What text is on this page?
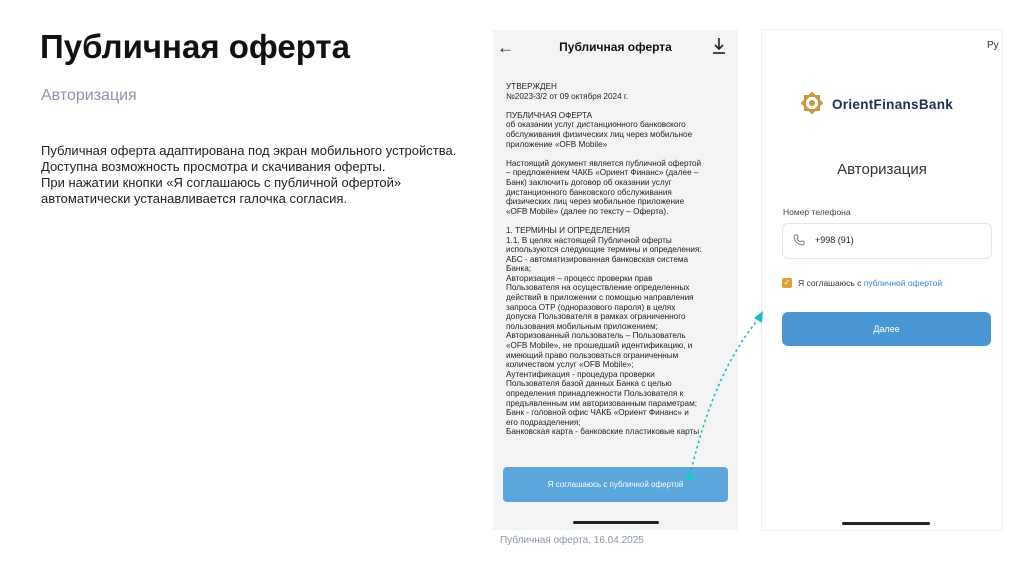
Публичная оферта
Авторизация
Публичная оферта адаптирована под экран мобильного устройства.
Доступна возможность просмотра и скачивания оферты.
При нажатии кнопки «Я соглашаюсь с публичной офертой»
автоматически устанавливается галочка согласия.
←	Публичная оферта
УТВЕРЖДЕН
№2023-3/2 от 09 октября 2024 г.
ПУБЛИЧНАЯ ОФЕРТА
об оказании услуг дистанционного банковского
обслуживания физических лиц через мобильное
приложение «OFB Mobile»
Настоящий документ является публичной офертой
– предложением ЧАКБ «Ориент Финанс» (далее –
Банк) заключить договор об оказании услуг
дистанционного банковского обслуживания
физических лиц через мобильное приложение
«OFB Mobile» (далее по тексту – Оферта).
1. ТЕРМИНЫ И ОПРЕДЕЛЕНИЯ
1.1. В целях настоящей Публичной оферты
используются следующие термины и определения:
АБС - автоматизированная банковская система
Банка;
Авторизация – процесс проверки прав
Пользователя на осуществление определенных
действий в приложении с помощью направления
запроса OTP (одноразового пароля) в целях
допуска Пользователя в рамках ограниченного
пользования мобильным приложением;
Авторизованный пользователь – Пользователь
«OFB Mobile», не прошедший идентификацию, и
имеющий право пользоваться ограниченным
количеством услуг «OFB Mobile»;
Аутентификация - процедура проверки
Пользователя базой данных Банка с целью
определения принадлежности Пользователя к
предъявленным им авторизованным параметрам;
Банк - головной офис ЧАКБ «Ориент Финанс» и
его подразделения;
Банковская карта - банковские пластиковые карты
Я соглашаюсь с публичной офертой
Ру
OrientFinansBank
Авторизация
Номер телефона
+998 (91)
✓ Я соглашаюсь с публичной офертой
Далее
Публичная оферта, 16.04.2025
